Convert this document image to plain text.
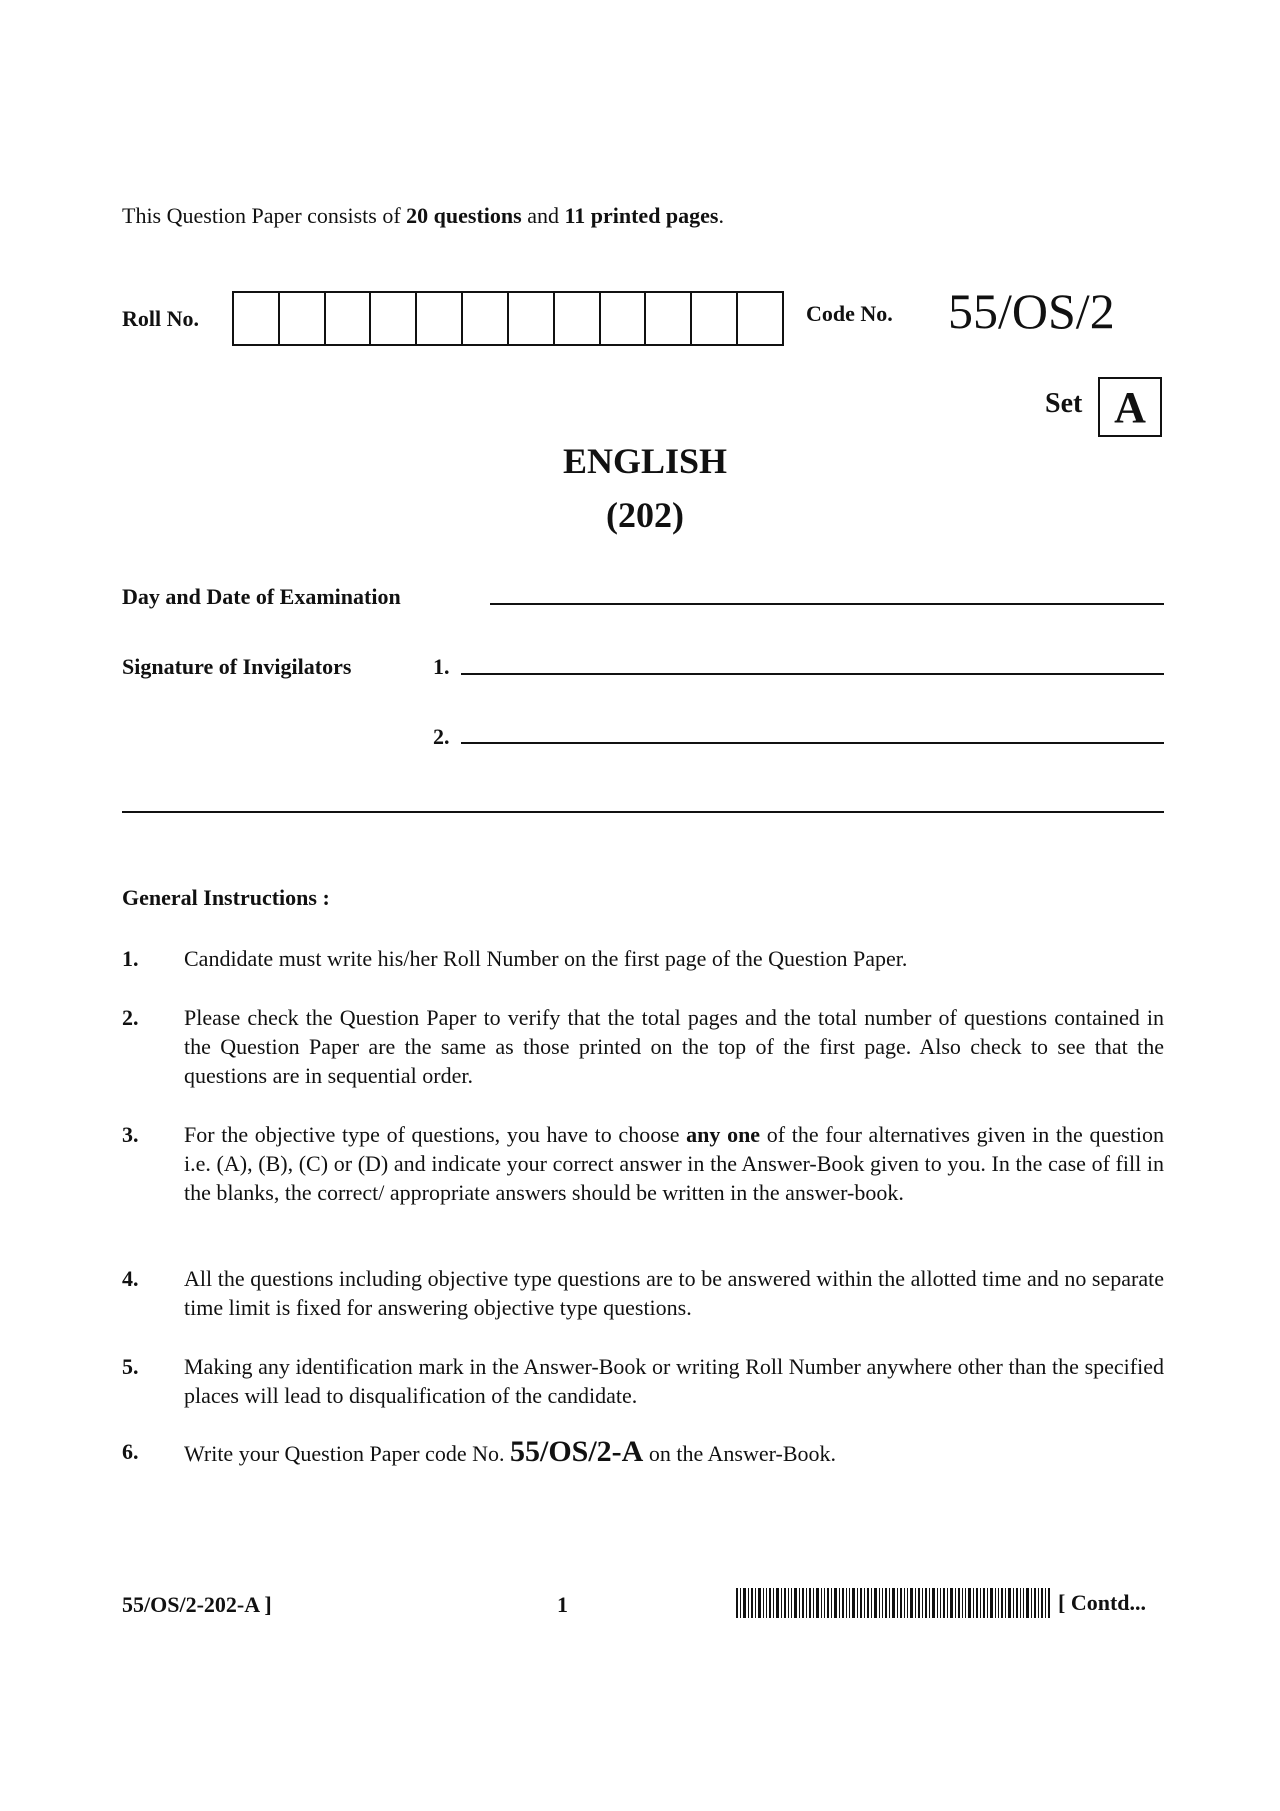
This Question Paper consists of 20 questions and 11 printed pages.
Roll No.	Code No. 55/OS/2
Set A
ENGLISH
(202)
Day and Date of Examination
Signature of Invigilators	1.
2.
General Instructions :
1.	Candidate must write his/her Roll Number on the first page of the Question Paper.
2.	Please check the Question Paper to verify that the total pages and the total number of questions contained in the Question Paper are the same as those printed on the top of the first page. Also check to see that the questions are in sequential order.
3.	For the objective type of questions, you have to choose any one of the four alternatives given in the question i.e. (A), (B), (C) or (D) and indicate your correct answer in the Answer-Book given to you. In the case of fill in the blanks, the correct/ appropriate answers should be written in the answer-book.
4.	All the questions including objective type questions are to be answered within the allotted time and no separate time limit is fixed for answering objective type questions.
5.	Making any identification mark in the Answer-Book or writing Roll Number anywhere other than the specified places will lead to disqualification of the candidate.
6.	Write your Question Paper code No. 55/OS/2-A on the Answer-Book.
55/OS/2-202-A ]	1	[ Contd...
